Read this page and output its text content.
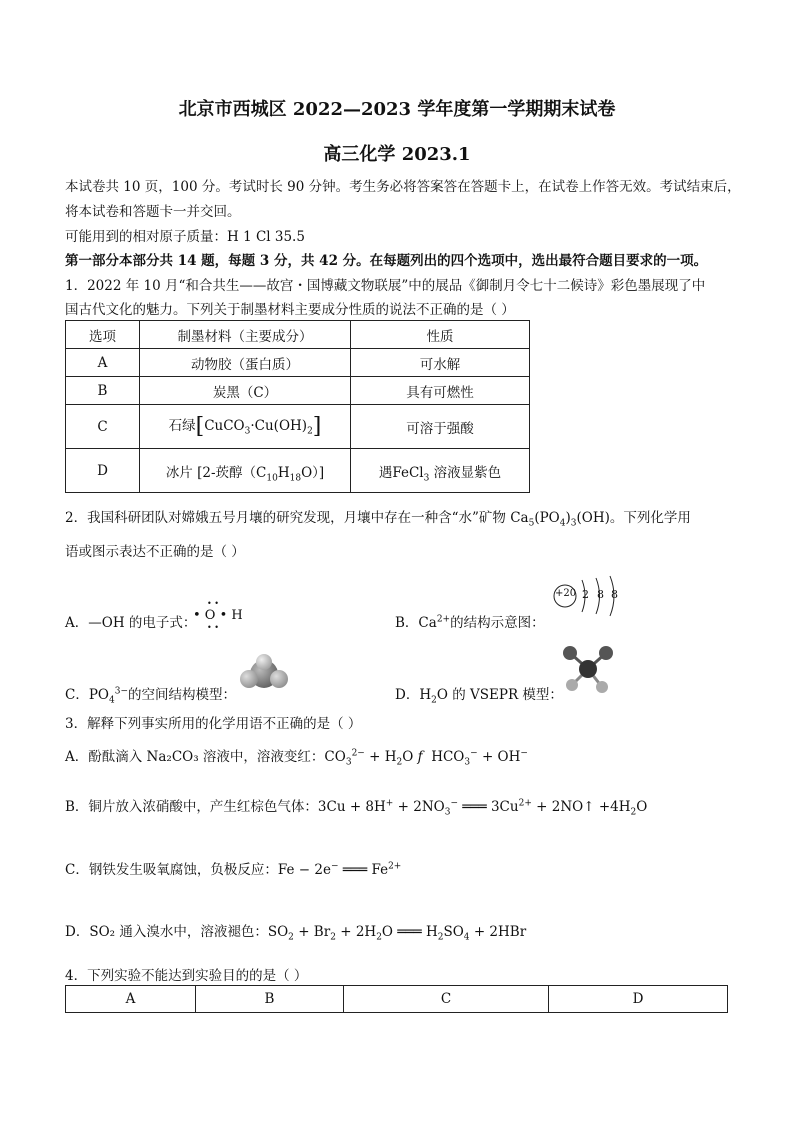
北京市西城区 2022—2023 学年度第一学期期末试卷
高三化学 2023.1
本试卷共 10 页，100 分。考试时长 90 分钟。考生务必将答案答在答题卡上，在试卷上作答无效。考试结束后，
将本试卷和答题卡一并交回。
可能用到的相对原子质量：H 1 Cl 35.5
第一部分本部分共 14 题，每题 3 分，共 42 分。在每题列出的四个选项中，选出最符合题目要求的一项。
1．2022 年 10 月“和合共生——故宫・国博藏文物联展”中的展品《御制月令七十二候诗》彩色墨展现了中
国古代文化的魅力。下列关于制墨材料主要成分性质的说法不正确的是（ ）
选项	制墨材料（主要成分）	性质
A	动物胶（蛋白质）	可水解
B	炭黑（C）	具有可燃性
C	石绿$[CuCO_3\cdot Cu(OH)_2]$	可溶于强酸
D	冰片 [2-莰醇$(C_{10}H_{18}O)$]	遇FeCl$_3$ 溶液显紫色
2．我国科研团队对嫦娥五号月壤的研究发现，月壤中存在一种含“水”矿物 $Ca_5(PO_4)_3(OH)$。下列化学用
语或图示表达不正确的是（ ）
A．—OH 的电子式：
• •
• O • H
• •	B．$Ca^{2+}$的结构示意图：
+20 2 8 8
C．$PO_4^{3-}$的空间结构模型：	D．$H_2O$ 的 VSEPR 模型：
3．解释下列事实所用的化学用语不正确的是（ ）
A．酚酞滴入 Na₂CO₃ 溶液中，溶液变红：$CO_3^{2-} + H_2O$ f  $HCO_3^- + OH^-$
B．铜片放入浓硝酸中，产生红棕色气体：$3Cu + 8H^+ + 2NO_3^-$ ═══ $3Cu^{2+}$ + 2NO↑ $+4H_2O$
C．钢铁发生吸氧腐蚀，负极反应：Fe − 2e− ═══ $Fe^{2+}$
D．SO₂ 通入溴水中，溶液褪色：$SO_2 + Br_2 + 2H_2O$ ═══ $H_2SO_4 + 2HBr$
4．下列实验不能达到实验目的的是（ ）
A	B	C	D
